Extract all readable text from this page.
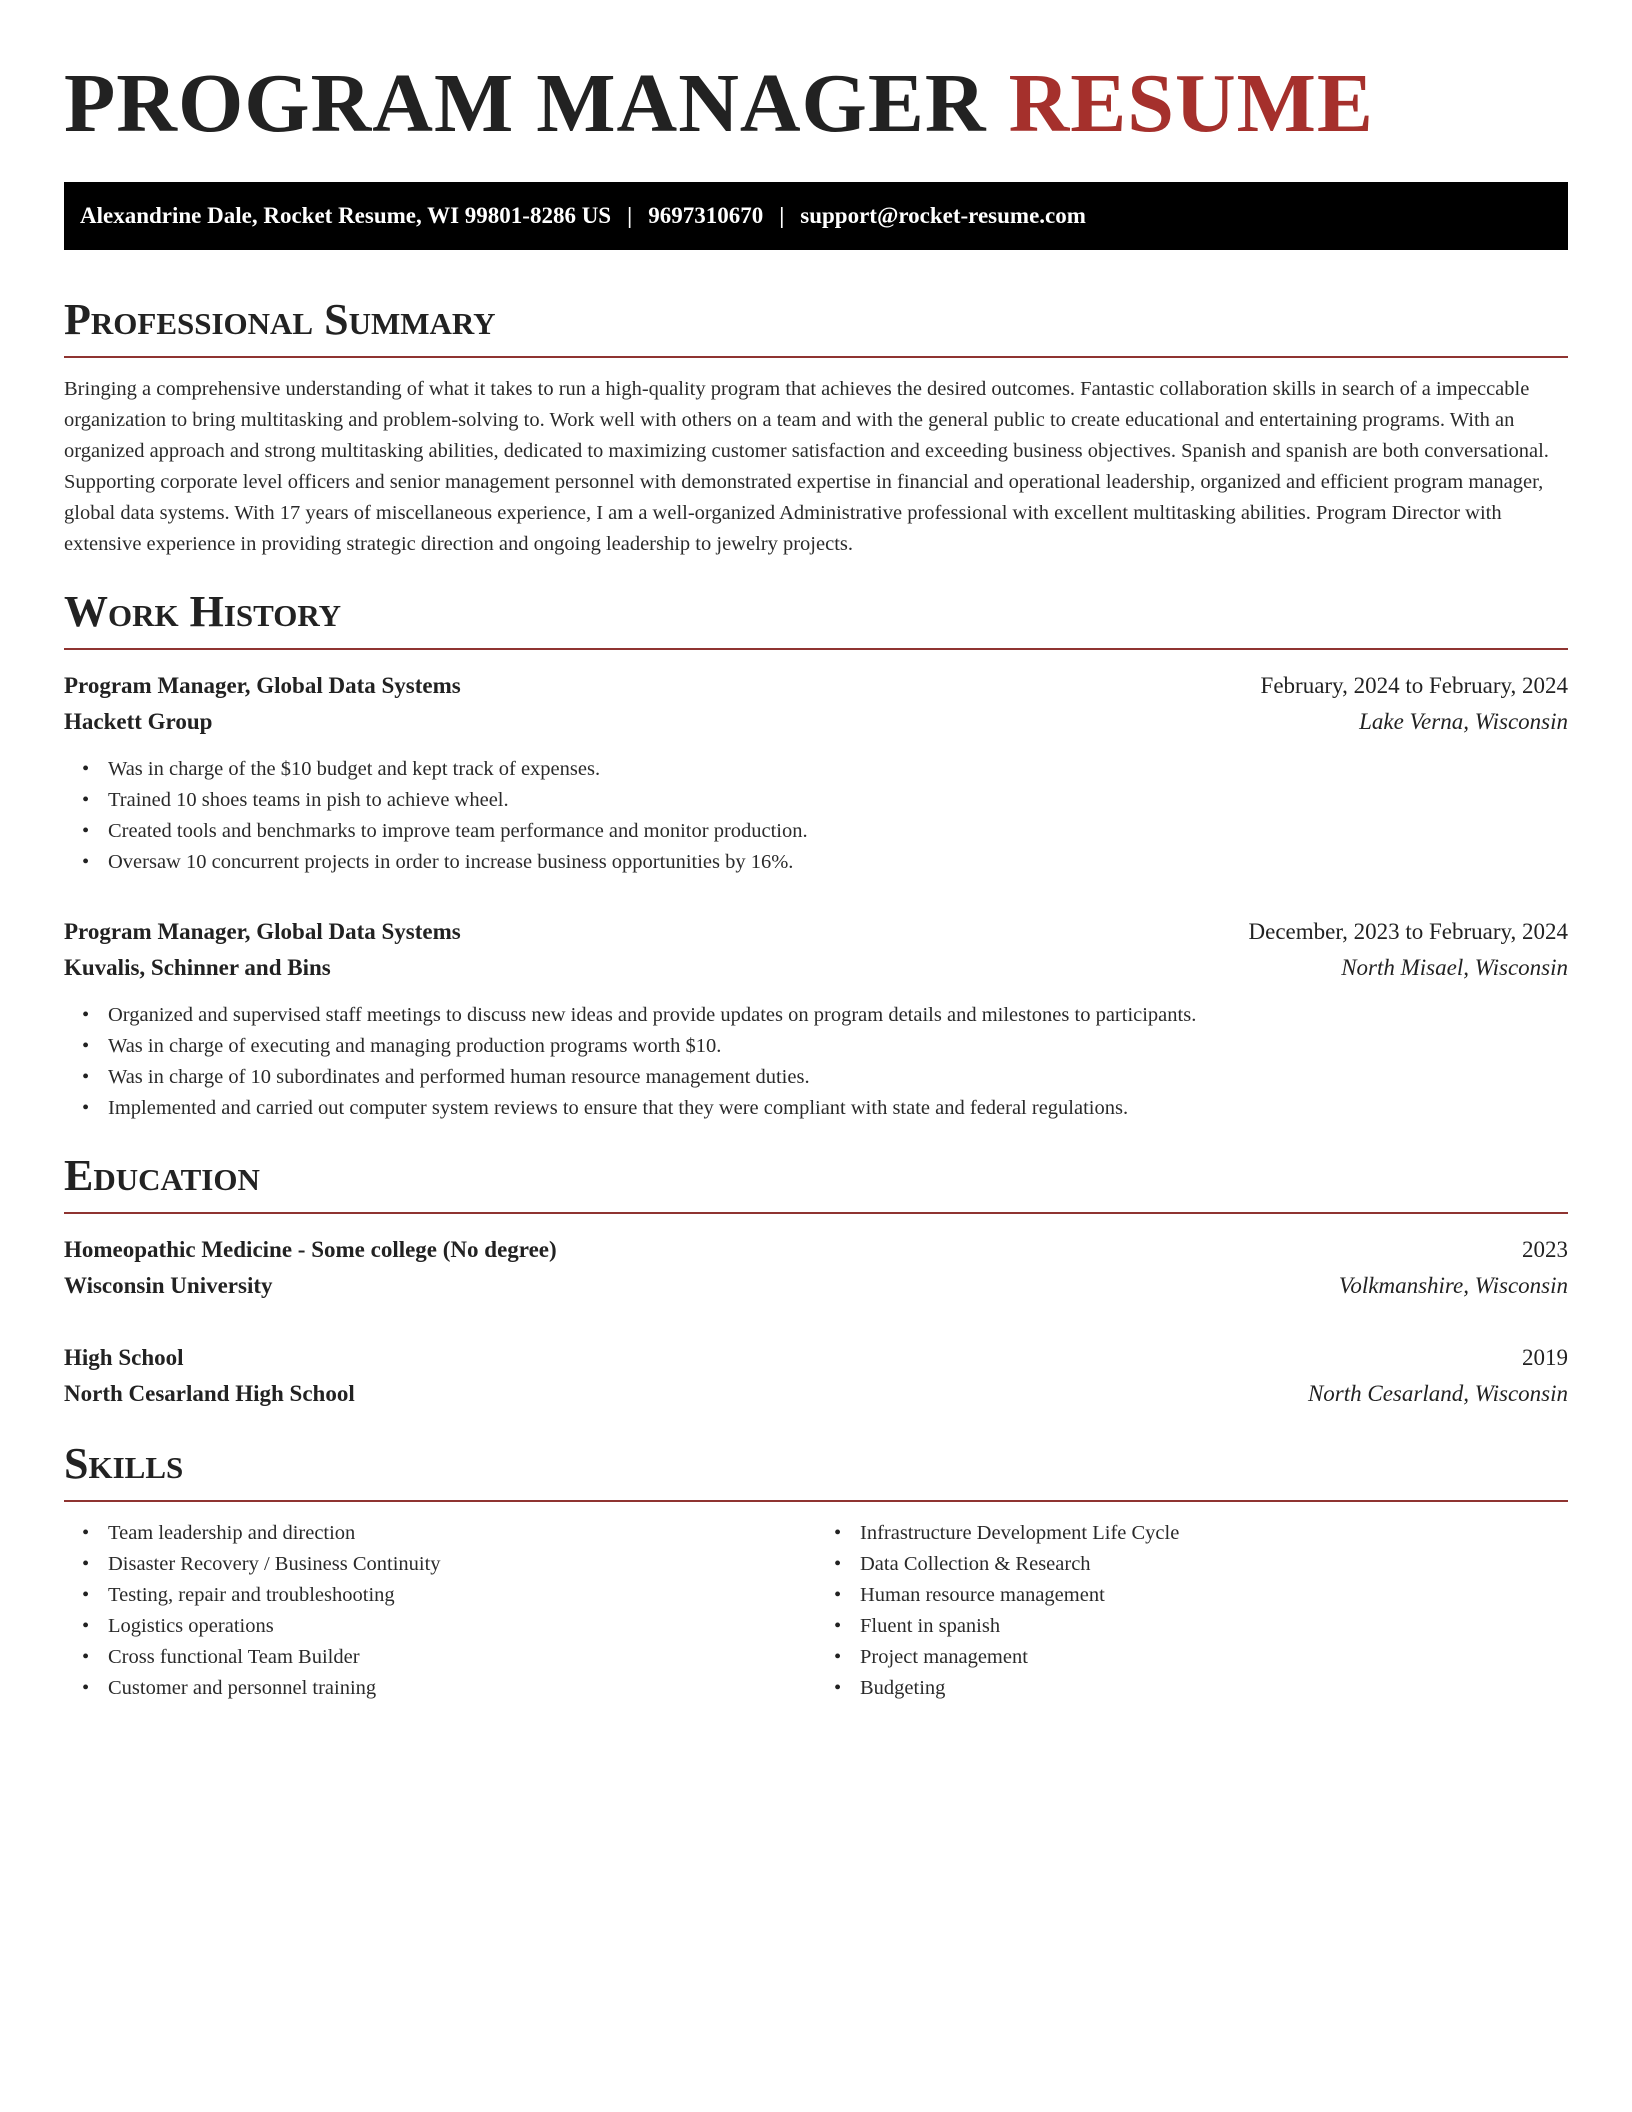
PROGRAM MANAGER RESUME
Alexandrine Dale, Rocket Resume, WI 99801-8286 US | 9697310670 | support@rocket-resume.com
Professional Summary

Bringing a comprehensive understanding of what it takes to run a high-quality program that achieves the desired outcomes. Fantastic collaboration skills in search of a impeccable organization to bring multitasking and problem-solving to. Work well with others on a team and with the general public to create educational and entertaining programs. With an organized approach and strong multitasking abilities, dedicated to maximizing customer satisfaction and exceeding business objectives. Spanish and spanish are both conversational. Supporting corporate level officers and senior management personnel with demonstrated expertise in financial and operational leadership, organized and efficient program manager, global data systems. With 17 years of miscellaneous experience, I am a well-organized Administrative professional with excellent multitasking abilities. Program Director with extensive experience in providing strategic direction and ongoing leadership to jewelry projects.

Work History
Program Manager, Global Data Systems	February, 2024 to February, 2024
Hackett Group	Lake Verna, Wisconsin
• Was in charge of the $10 budget and kept track of expenses.
• Trained 10 shoes teams in pish to achieve wheel.
• Created tools and benchmarks to improve team performance and monitor production.
• Oversaw 10 concurrent projects in order to increase business opportunities by 16%.
Program Manager, Global Data Systems	December, 2023 to February, 2024
Kuvalis, Schinner and Bins	North Misael, Wisconsin
• Organized and supervised staff meetings to discuss new ideas and provide updates on program details and milestones to participants.
• Was in charge of executing and managing production programs worth $10.
• Was in charge of 10 subordinates and performed human resource management duties.
• Implemented and carried out computer system reviews to ensure that they were compliant with state and federal regulations.
Education
Homeopathic Medicine - Some college (No degree)	2023
Wisconsin University	Volkmanshire, Wisconsin
High School	2019
North Cesarland High School	North Cesarland, Wisconsin
Skills
• Team leadership and direction
• Disaster Recovery / Business Continuity
• Testing, repair and troubleshooting
• Logistics operations
• Cross functional Team Builder
• Customer and personnel training
• Infrastructure Development Life Cycle
• Data Collection & Research
• Human resource management
• Fluent in spanish
• Project management
• Budgeting
